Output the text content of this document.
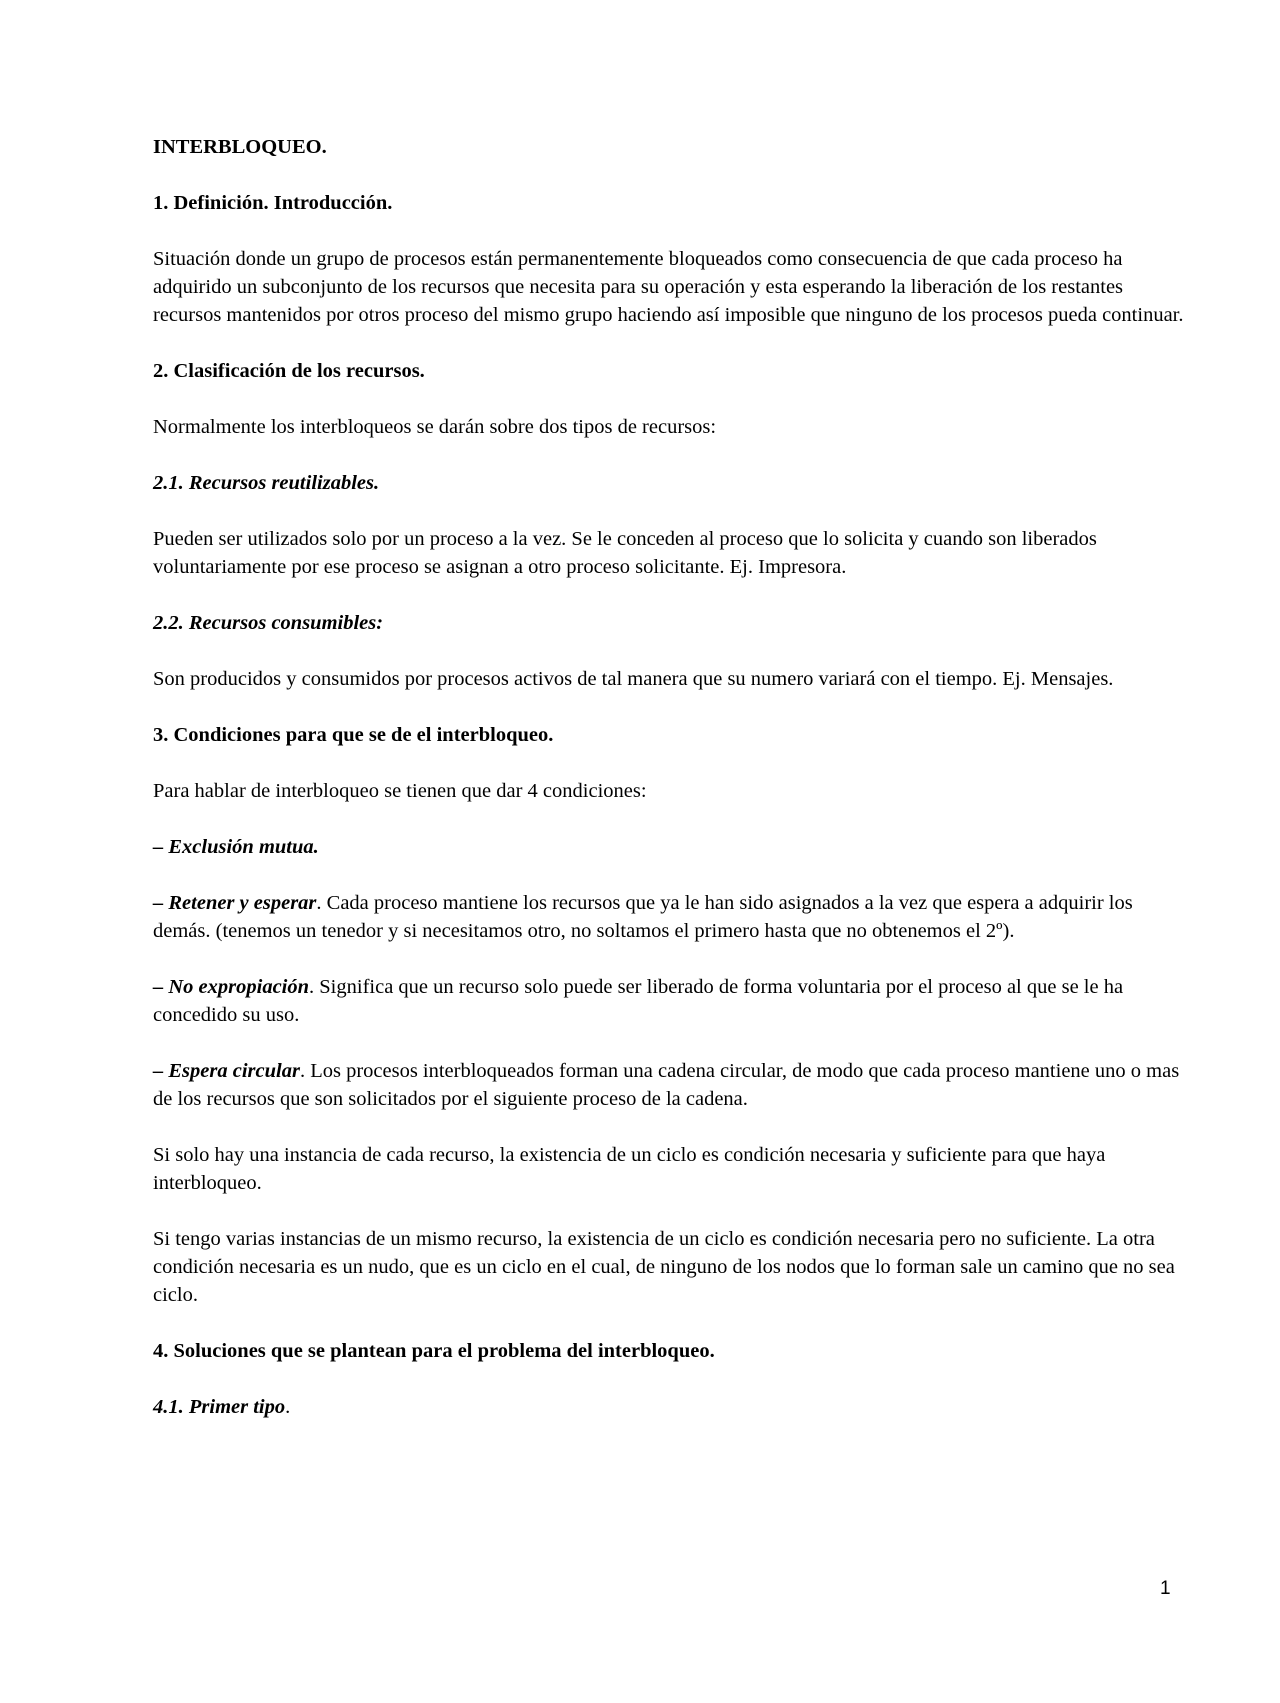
INTERBLOQUEO.
1. Definición. Introducción.
Situación donde un grupo de procesos están permanentemente bloqueados como consecuencia de que cada proceso ha adquirido un subconjunto de los recursos que necesita para su operación y esta esperando la liberación de los restantes recursos mantenidos por otros proceso del mismo grupo haciendo así imposible que ninguno de los procesos pueda continuar.
2. Clasificación de los recursos.
Normalmente los interbloqueos se darán sobre dos tipos de recursos:
2.1. Recursos reutilizables.
Pueden ser utilizados solo por un proceso a la vez. Se le conceden al proceso que lo solicita y cuando son liberados voluntariamente por ese proceso se asignan a otro proceso solicitante. Ej. Impresora.
2.2. Recursos consumibles:
Son producidos y consumidos por procesos activos de tal manera que su numero variará con el tiempo. Ej. Mensajes.
3. Condiciones para que se de el interbloqueo.
Para hablar de interbloqueo se tienen que dar 4 condiciones:
– Exclusión mutua.
– Retener y esperar. Cada proceso mantiene los recursos que ya le han sido asignados a la vez que espera a adquirir los demás. (tenemos un tenedor y si necesitamos otro, no soltamos el primero hasta que no obtenemos el 2º).
– No expropiación. Significa que un recurso solo puede ser liberado de forma voluntaria por el proceso al que se le ha concedido su uso.
– Espera circular. Los procesos interbloqueados forman una cadena circular, de modo que cada proceso mantiene uno o mas de los recursos que son solicitados por el siguiente proceso de la cadena.
Si solo hay una instancia de cada recurso, la existencia de un ciclo es condición necesaria y suficiente para que haya interbloqueo.
Si tengo varias instancias de un mismo recurso, la existencia de un ciclo es condición necesaria pero no suficiente. La otra condición necesaria es un nudo, que es un ciclo en el cual, de ninguno de los nodos que lo forman sale un camino que no sea ciclo.
4. Soluciones que se plantean para el problema del interbloqueo.
4.1. Primer tipo.
1
